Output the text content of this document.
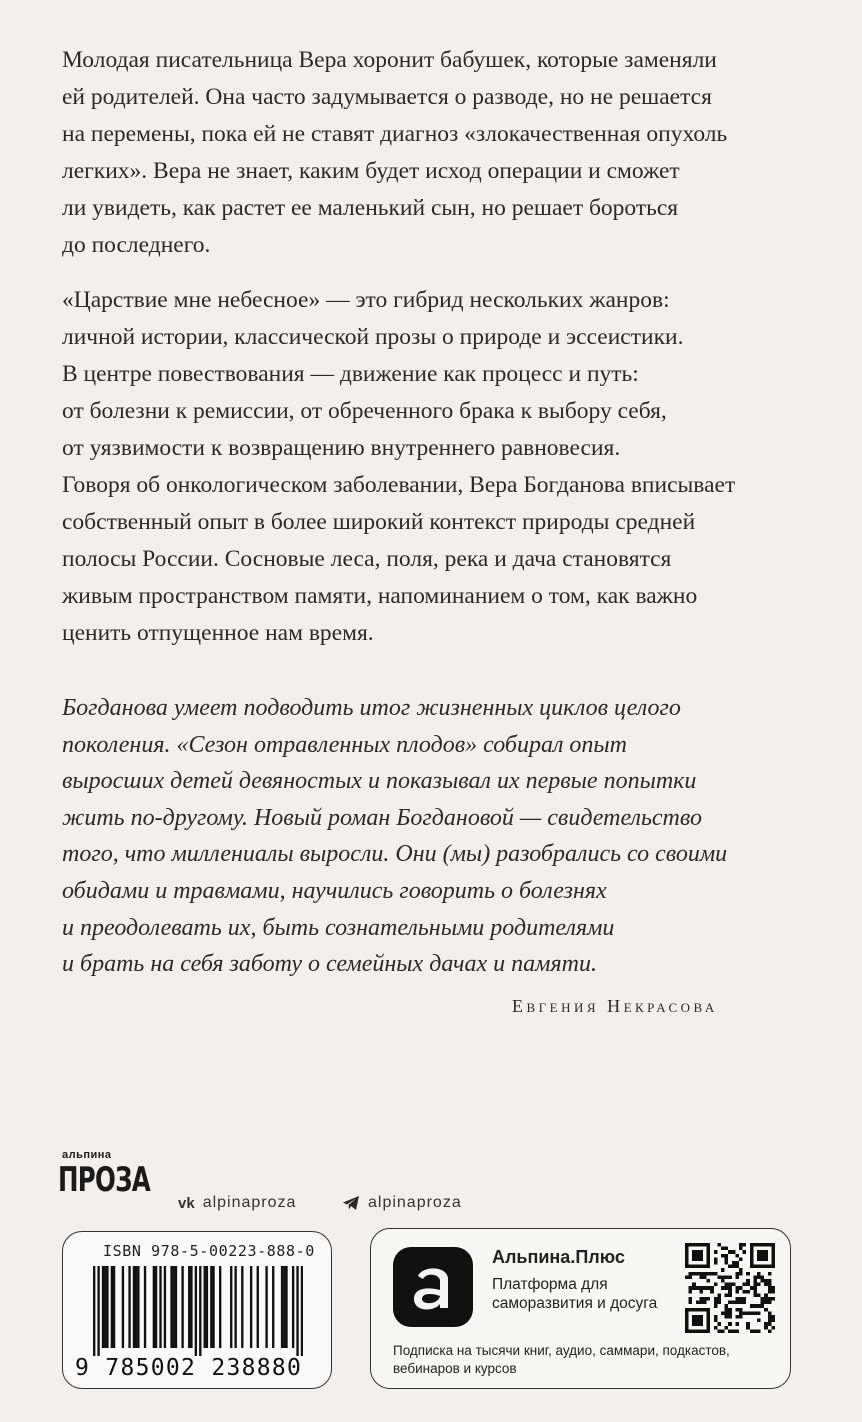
Молодая писательница Вера хоронит бабушек, которые заменяли
ей родителей. Она часто задумывается о разводе, но не решается
на перемены, пока ей не ставят диагноз «злокачественная опухоль
легких». Вера не знает, каким будет исход операции и сможет
ли увидеть, как растет ее маленький сын, но решает бороться
до последнего.
«Царствие мне небесное» — это гибрид нескольких жанров:
личной истории, классической прозы о природе и эссеистики.
В центре повествования — движение как процесс и путь:
от болезни к ремиссии, от обреченного брака к выбору себя,
от уязвимости к возвращению внутреннего равновесия.
Говоря об онкологическом заболевании, Вера Богданова вписывает
собственный опыт в более широкий контекст природы средней
полосы России. Сосновые леса, поля, река и дача становятся
живым пространством памяти, напоминанием о том, как важно
ценить отпущенное нам время.
Богданова умеет подводить итог жизненных циклов целого
поколения. «Сезон отравленных плодов» собирал опыт
выросших детей девяностых и показывал их первые попытки
жить по-другому. Новый роман Богдановой — свидетельство
того, что миллениалы выросли. Они (мы) разобрались со своими
обидами и травмами, научились говорить о болезнях
и преодолевать их, быть сознательными родителями
и брать на себя заботу о семейных дачах и памяти.
Евгения Некрасова
альпина
ПРОЗА
vk alpinaproza	alpinaproza
ISBN 978-5-00223-888-0
9 785002 238880
Альпина.Плюс
Платформа для саморазвития и досуга
Подписка на тысячи книг, аудио, саммари, подкастов, вебинаров и курсов
